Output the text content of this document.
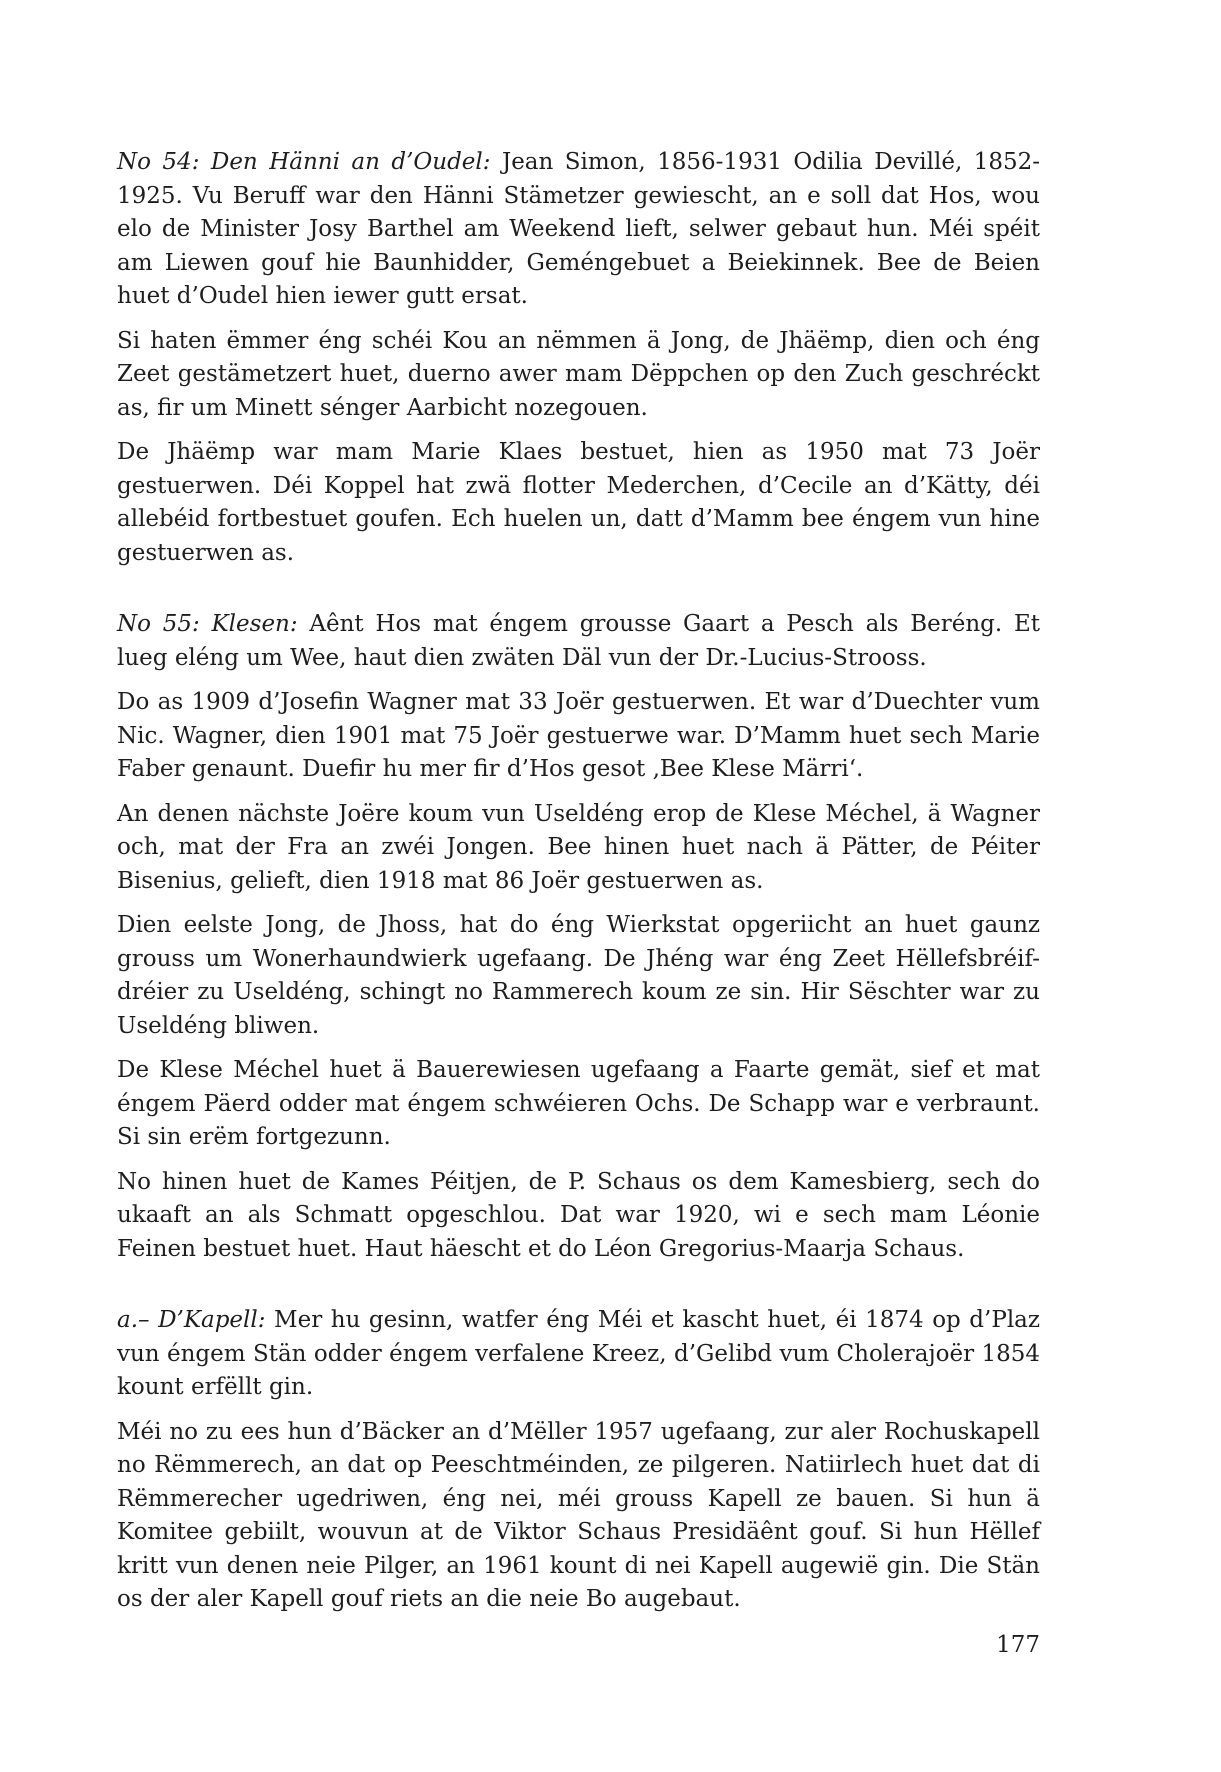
No 54: Den Hänni an d’Oudel: Jean Simon, 1856-1931 Odilia Devillé, 1852-1925. Vu Beruff war den Hänni Stämetzer gewiescht, an e soll dat Hos, wou elo de Minister Josy Barthel am Weekend lieft, selwer gebaut hun. Méi spéit am Liewen gouf hie Baunhidder, Geméngebuet a Beiekinnek. Bee de Beien huet d’Oudel hien iewer gutt ersat.

Si haten ëmmer éng schéi Kou an nëmmen ä Jong, de Jhäëmp, dien och éng Zeet gestämetzert huet, duerno awer mam Dëppchen op den Zuch geschréckt as, fir um Minett sénger Aarbicht nozegouen.

De Jhäëmp war mam Marie Klaes bestuet, hien as 1950 mat 73 Joër gestuerwen. Déi Koppel hat zwä flotter Mederchen, d’Cecile an d’Kätty, déi allebéid fortbestuet goufen. Ech huelen un, datt d’Mamm bee éngem vun hine gestuerwen as.

No 55: Klesen: Aênt Hos mat éngem grousse Gaart a Pesch als Beréng. Et lueg eléng um Wee, haut dien zwäten Däl vun der Dr.-Lucius-Strooss.

Do as 1909 d’Josefin Wagner mat 33 Joër gestuerwen. Et war d’Duechter vum Nic. Wagner, dien 1901 mat 75 Joër gestuerwe war. D’Mamm huet sech Marie Faber genaunt. Duefir hu mer fir d’Hos gesot ‚Bee Klese Märri‘.

An denen nächste Joëre koum vun Useldéng erop de Klese Méchel, ä Wagner och, mat der Fra an zwéi Jongen. Bee hinen huet nach ä Pätter, de Péiter Bisenius, gelieft, dien 1918 mat 86 Joër gestuerwen as.

Dien eelste Jong, de Jhoss, hat do éng Wierkstat opgeriicht an huet gaunz grouss um Wonerhaundwierk ugefaang. De Jhéng war éng Zeet Hëllefsbréif-dréier zu Useldéng, schingt no Rammerech koum ze sin. Hir Sëschter war zu Useldéng bliwen.

De Klese Méchel huet ä Bauerewiesen ugefaang a Faarte gemät, sief et mat éngem Päerd odder mat éngem schwéieren Ochs. De Schapp war e verbraunt. Si sin erëm fortgezunn.

No hinen huet de Kames Péitjen, de P. Schaus os dem Kamesbierg, sech do ukaaft an als Schmatt opgeschlou. Dat war 1920, wi e sech mam Léonie Feinen bestuet huet. Haut häescht et do Léon Gregorius-Maarja Schaus.

a.– D’Kapell: Mer hu gesinn, watfer éng Méi et kascht huet, éi 1874 op d’Plaz vun éngem Stän odder éngem verfalene Kreez, d’Gelibd vum Cholerajoër 1854 kount erfëllt gin.

Méi no zu ees hun d’Bäcker an d’Mëller 1957 ugefaang, zur aler Rochuskapell no Rëmmerech, an dat op Peeschtméinden, ze pilgeren. Natiirlech huet dat di Rëmmerecher ugedriwen, éng nei, méi grouss Kapell ze bauen. Si hun ä Komitee gebiilt, wouvun at de Viktor Schaus Presidäênt gouf. Si hun Hëllef kritt vun denen neie Pilger, an 1961 kount di nei Kapell augewië gin. Die Stän os der aler Kapell gouf riets an die neie Bo augebaut.

177
